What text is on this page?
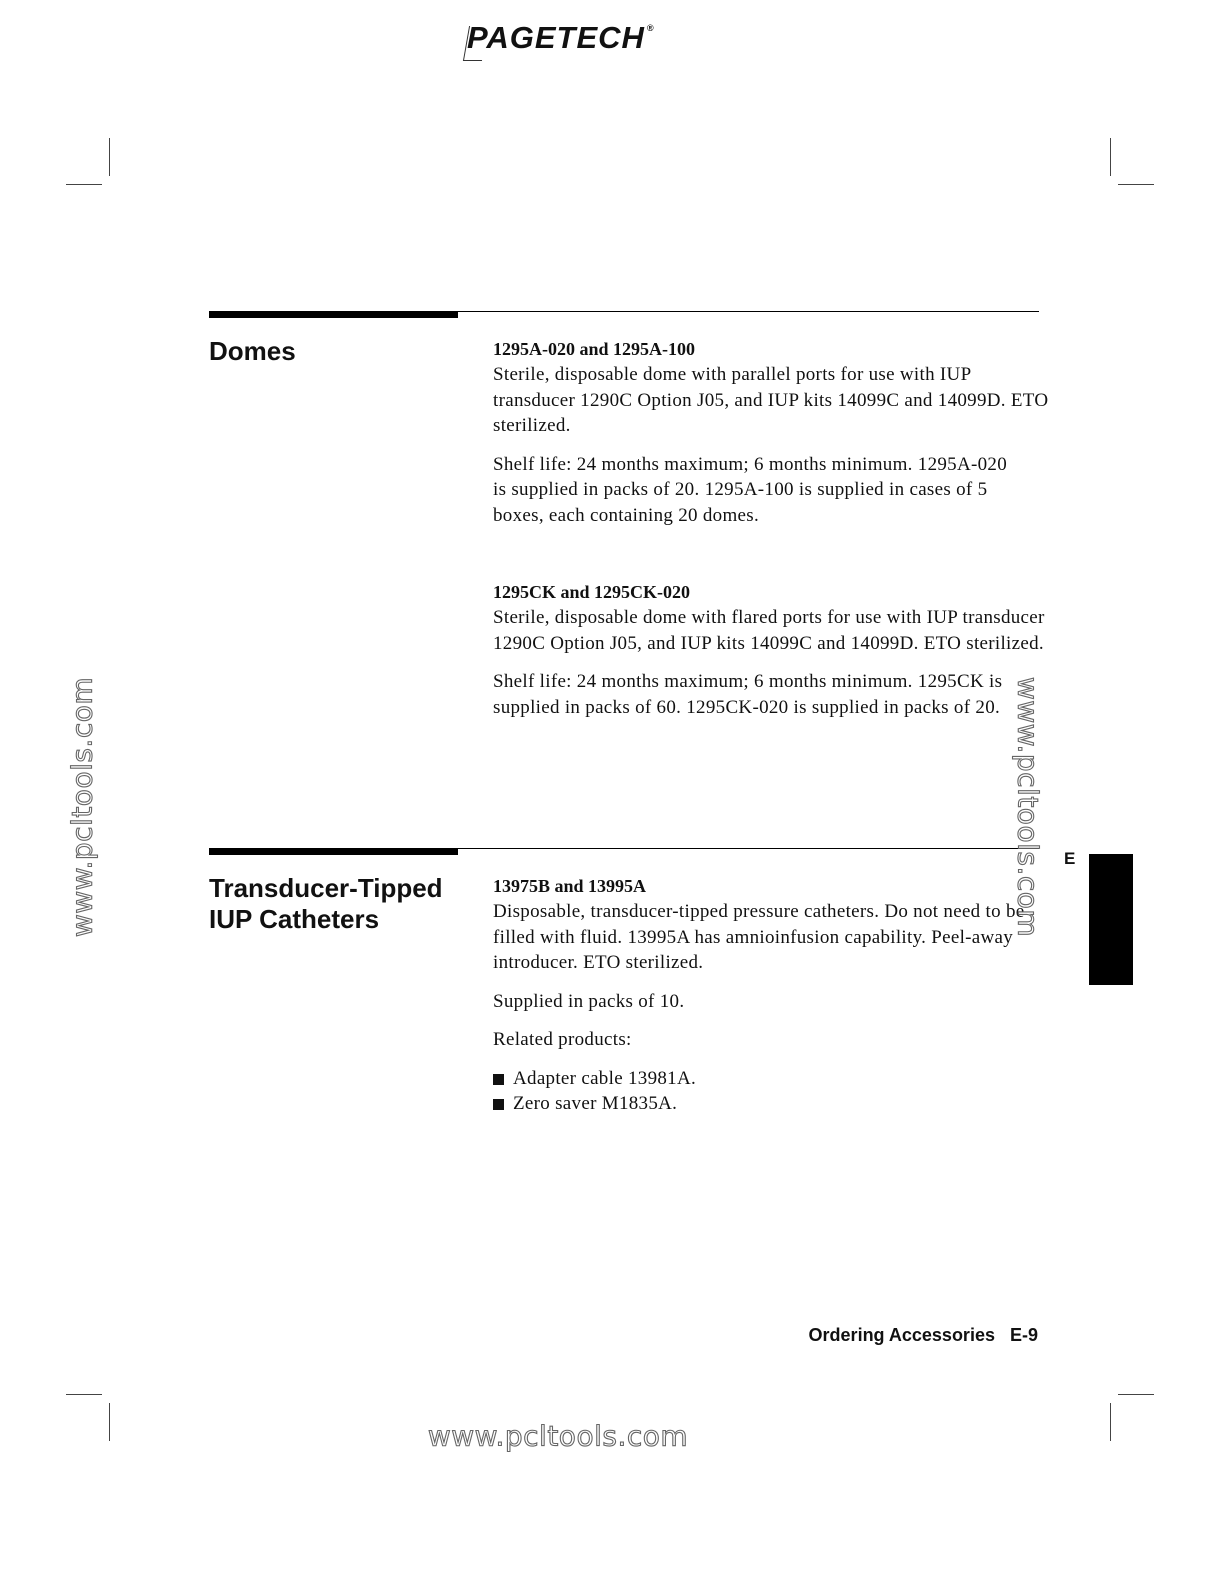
PAGETECH ®
Domes	1295A-020 and 1295A-100

Sterile, disposable dome with parallel ports for use with IUP transducer 1290C Option J05, and IUP kits 14099C and 14099D. ETO sterilized.

Shelf life: 24 months maximum; 6 months minimum. 1295A-020 is supplied in packs of 20. 1295A-100 is supplied in cases of 5 boxes, each containing 20 domes.

1295CK and 1295CK-020

Sterile, disposable dome with flared ports for use with IUP transducer 1290C Option J05, and IUP kits 14099C and 14099D. ETO sterilized.

Shelf life: 24 months maximum; 6 months minimum. 1295CK is supplied in packs of 60. 1295CK-020 is supplied in packs of 20.

Transducer-Tipped
IUP Catheters
13975B and 13995A

Disposable, transducer-tipped pressure catheters. Do not need to be filled with fluid. 13995A has amnioinfusion capability. Peel-away introducer. ETO sterilized.

Supplied in packs of 10.

Related products:

Adapter cable 13981A.
Zero saver M1835A.
E
Ordering Accessories E-9
www.pcltools.com	www.pcltools.com
www.pcltools.com
